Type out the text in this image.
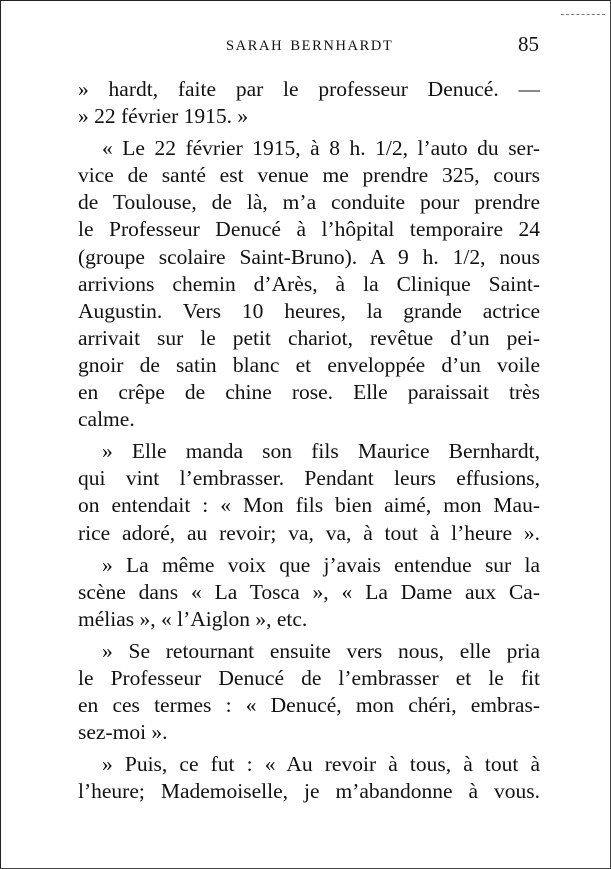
SARAH BERNHARDT	85
» hardt, faite par le professeur Denucé. —
» 22 février 1915. »
« Le 22 février 1915, à 8 h. 1/2, l’auto du ser-
vice de santé est venue me prendre 325, cours
de Toulouse, de là, m’a conduite pour prendre
le Professeur Denucé à l’hôpital temporaire 24
(groupe scolaire Saint-Bruno). A 9 h. 1/2, nous
arrivions chemin d’Arès, à la Clinique Saint-
Augustin. Vers 10 heures, la grande actrice
arrivait sur le petit chariot, revêtue d’un pei-
gnoir de satin blanc et enveloppée d’un voile
en crêpe de chine rose. Elle paraissait très
calme.
» Elle manda son fils Maurice Bernhardt,
qui vint l’embrasser. Pendant leurs effusions,
on entendait : « Mon fils bien aimé, mon Mau-
rice adoré, au revoir; va, va, à tout à l’heure ».
» La même voix que j’avais entendue sur la
scène dans « La Tosca », « La Dame aux Ca-
mélias », « l’Aiglon », etc.
» Se retournant ensuite vers nous, elle pria
le Professeur Denucé de l’embrasser et le fit
en ces termes : « Denucé, mon chéri, embras-
sez-moi ».
» Puis, ce fut : « Au revoir à tous, à tout à
l’heure; Mademoiselle, je m’abandonne à vous.
